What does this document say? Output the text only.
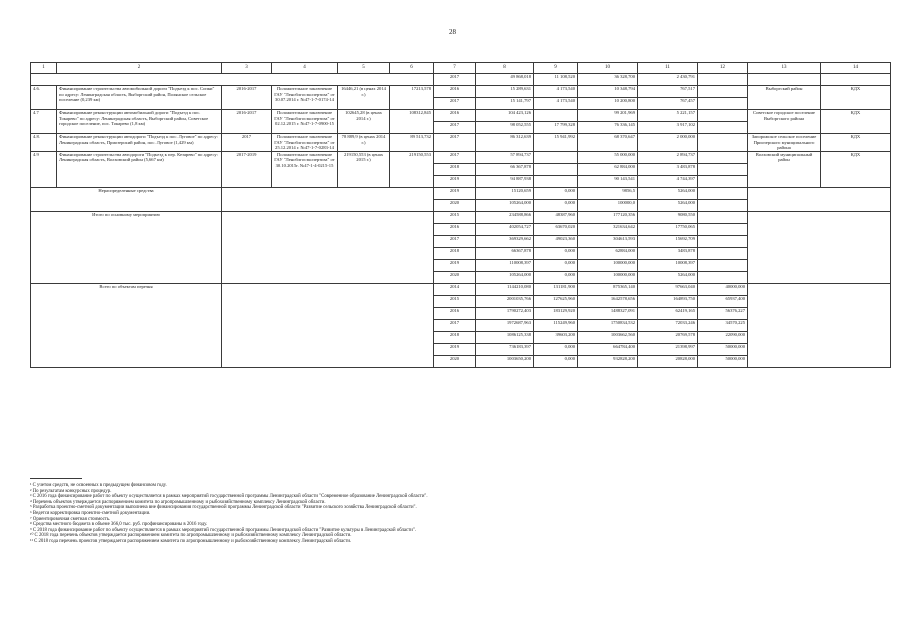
28
1	2	3	4	5	6	7	8	9	10	11	12	13	14
						2017	49 868,018	11 108,520	36 328,700	2 430,791			
4.6.	Финансирование строительства автомобильной дороги "Подъезд к пос. Сопки" по адресу: Ленинградская область, Выборгский район, Полянское сельское поселение (0,239 км)	2016-2017	Положительное заключение ГАУ "Леноблгосэкспертиза" от 30.07.2014 г. №47-1-7-0174-14	16446,21 (в ценах 2014 г.)	17213,578	2016	15 289,631	4 173,540	10 348,794	767,517		Выборгский район	КДХ
						2017	15 141,797	4 173,540	10 200,800	767,457			
4.7	Финансирование реконструкции автомобильной дороги "Подъезд к пос. Токарево" по адресу: Ленинградская область, Выборгский район, Советское городское поселение, пос. Токарево (1,8 км)	2016-2017	Положительное заключение ГАУ "Леноблгосэкспертиза" от 02.12.2015 г. №47-1-7-0900-15	102645,28 (в ценах 2014 г.)	108312,845	2016	104 423,126		99 201,969	5 221,157		Советское городское поселение Выборгского района	КДХ
						2017	98 052,555	17 799,328	76 336,145	3 917,102			
4.8.	Финансирование реконструкции автодороги "Подъезд к пос. Луговое" по адресу: Ленинградская область, Приозерский район, пос. Луговое (1,429 км)	2017	Положительное заключение ГАУ "Леноблгосэкспертиза" от 25.12.2014 г. №47-1-7-0283-14	78 889,9 (в ценах 2014 г.)	89 513,732	2017	86 312,639	15 941,992	68 370,647	2 000,000		Запорожское сельское поселение Приозерского муниципального района	КДХ
4.9	Финансирование строительства автодороги "Подъезд к пер. Кезарево" по адресу: Ленинградская область, Волховский район (5,667 км)	2017-2019	Положительное заключение ГАУ "Леноблгосэкспертиза" от 30.10.2015г. №47-1-4-0215-15	219150,553 (в ценах 2015 г.)	219150,553	2017	57 894,737		55 000,000	2 894,737		Волховский муниципальный район	КДХ
						2018	66 367,878		62 884,000	3 483,878			
						2019	94 887,938		90 143,541	4 744,397			
Нераспределенные средства						2019	15120,659	0,000	9856,5	5264,000			
						2020	105264,000	0,000	100000,0	5264,000			
Итого по основному мероприятию						2015	234588,866	48387,960	177120,356	9080,550			
						2016	402054,727	63670,020	321634,642	17750,065			
						2017	369329,662	49023,360	304613,593	15692,709			
						2018	66367,878	0,000	62884,000	3483,878			
						2019	110008,397	0,000	100000,000	10008,397			
						2020	105264,000	0,000	100000,000	5264,000			
Всего по объектам перечня						2014	1144210,080	131181,900	875365,140	97663,040	40000,000		
						2015	2001035,766	127625,960	1642578,656	164893,750	65937,400		
						2016	1790272,403	183129,920	1488327,091	62419,165	56376,227		
						2017	1972687,963	115249,960	1750834,532	72033,246	34570,225		
						2018	1086125,338	39603,200	1003662,560	20769,578	22090,000		
						2019	736183,397	0,000	664784,400	21398,997	50000,000		
						2020	1003650,200	0,000	932828,200	20828,000	50000,000		
¹ С учетом средств, не освоенных в предыдущем финансовом году.
² По результатам конкурсных процедур.
³ С 2016 года финансирование работ по объекту осуществляется в рамках мероприятий государственной программы Ленинградской области "Современное образование Ленинградской области".
⁴ Перечень объектов утверждается распоряжением комитета по агропромышленному и рыбохозяйственному комплексу Ленинградской области.
⁵ Разработка проектно-сметной документации выполнена вне финансирования государственной программы Ленинградской области "Развитие сельского хозяйства Ленинградской области".
⁶ Ведется корректировка проектно-сметной документации.
⁷ Ориентировочная сметная стоимость.
⁸ Средства местного бюджета в объеме 366,0 тыс. руб. профинансированы в 2016 году.
⁹ С 2018 года финансирование работ по объекту осуществляется в рамках мероприятий государственной программы Ленинградской области "Развитие культуры в Ленинградской области".
¹⁰ С 2018 года перечень объектов утверждается распоряжением комитета по агропромышленному и рыбохозяйственному комплексу Ленинградской области.
¹¹ С 2018 года перечень проектов утверждается распоряжением комитета по агропромышленному и рыбохозяйственному комплексу Ленинградской области.
